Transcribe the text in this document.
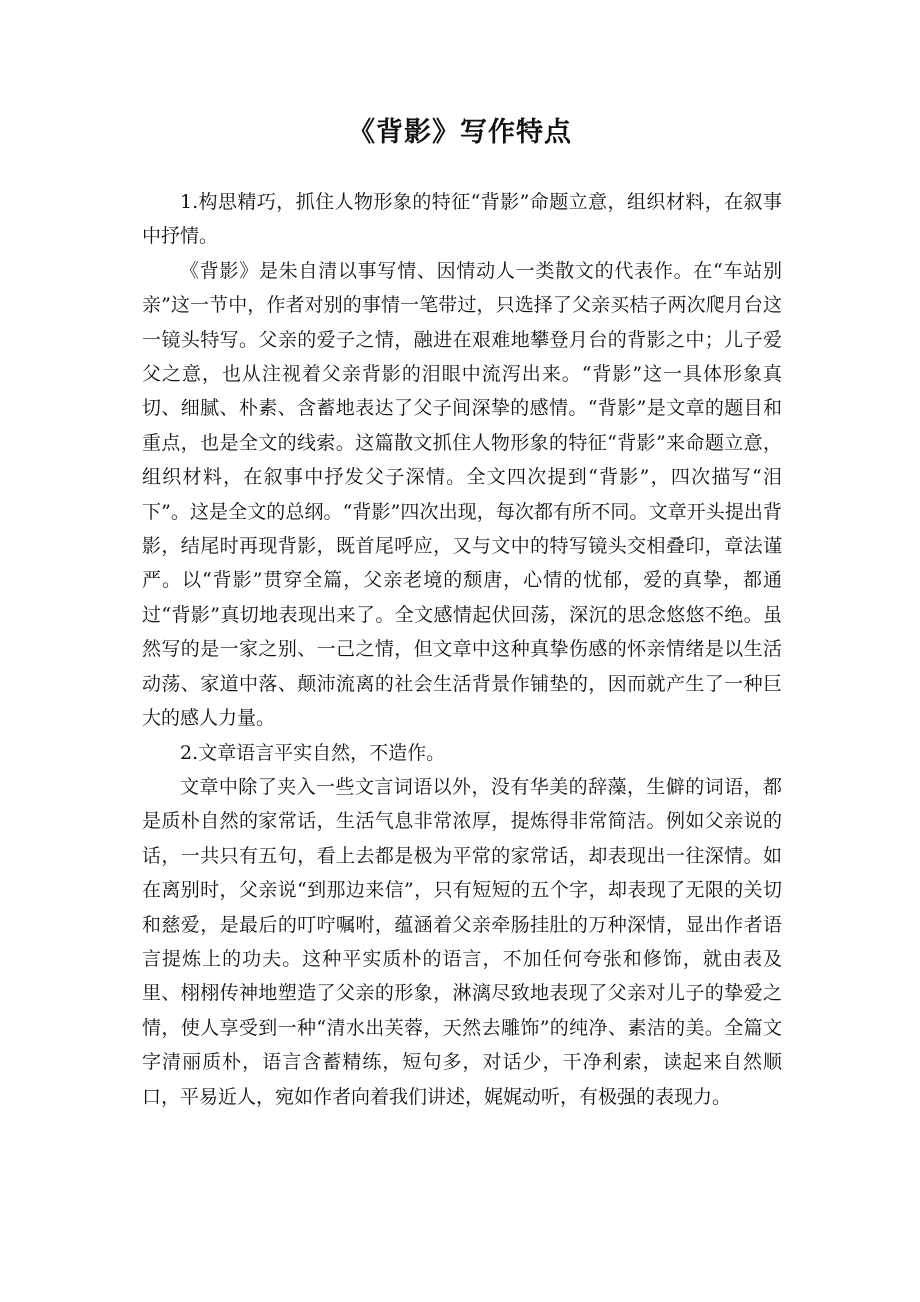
《背影》写作特点

1.构思精巧，抓住人物形象的特征“背影”命题立意，组织材料，在叙事中抒情。

《背影》是朱自清以事写情、因情动人一类散文的代表作。在“车站别亲”这一节中，作者对别的事情一笔带过，只选择了父亲买桔子两次爬月台这一镜头特写。父亲的爱子之情，融进在艰难地攀登月台的背影之中；儿子爱父之意，也从注视着父亲背影的泪眼中流泻出来。“背影”这一具体形象真切、细腻、朴素、含蓄地表达了父子间深挚的感情。“背影”是文章的题目和重点，也是全文的线索。这篇散文抓住人物形象的特征“背影”来命题立意，组织材料，在叙事中抒发父子深情。全文四次提到“背影”，四次描写“泪下”。这是全文的总纲。“背影”四次出现，每次都有所不同。文章开头提出背影，结尾时再现背影，既首尾呼应，又与文中的特写镜头交相叠印，章法谨严。以“背影”贯穿全篇，父亲老境的颓唐，心情的忧郁，爱的真挚，都通过“背影”真切地表现出来了。全文感情起伏回荡，深沉的思念悠悠不绝。虽然写的是一家之别、一己之情，但文章中这种真挚伤感的怀亲情绪是以生活动荡、家道中落、颠沛流离的社会生活背景作铺垫的，因而就产生了一种巨大的感人力量。

2.文章语言平实自然，不造作。

文章中除了夹入一些文言词语以外，没有华美的辞藻，生僻的词语，都是质朴自然的家常话，生活气息非常浓厚，提炼得非常简洁。例如父亲说的话，一共只有五句，看上去都是极为平常的家常话，却表现出一往深情。如在离别时，父亲说“到那边来信”，只有短短的五个字，却表现了无限的关切和慈爱，是最后的叮咛嘱咐，蕴涵着父亲牵肠挂肚的万种深情，显出作者语言提炼上的功夫。这种平实质朴的语言，不加任何夸张和修饰，就由表及里、栩栩传神地塑造了父亲的形象，淋漓尽致地表现了父亲对儿子的挚爱之情，使人享受到一种“清水出芙蓉，天然去雕饰”的纯净、素洁的美。全篇文字清丽质朴，语言含蓄精练，短句多，对话少，干净利索，读起来自然顺口，平易近人，宛如作者向着我们讲述，娓娓动听，有极强的表现力。
